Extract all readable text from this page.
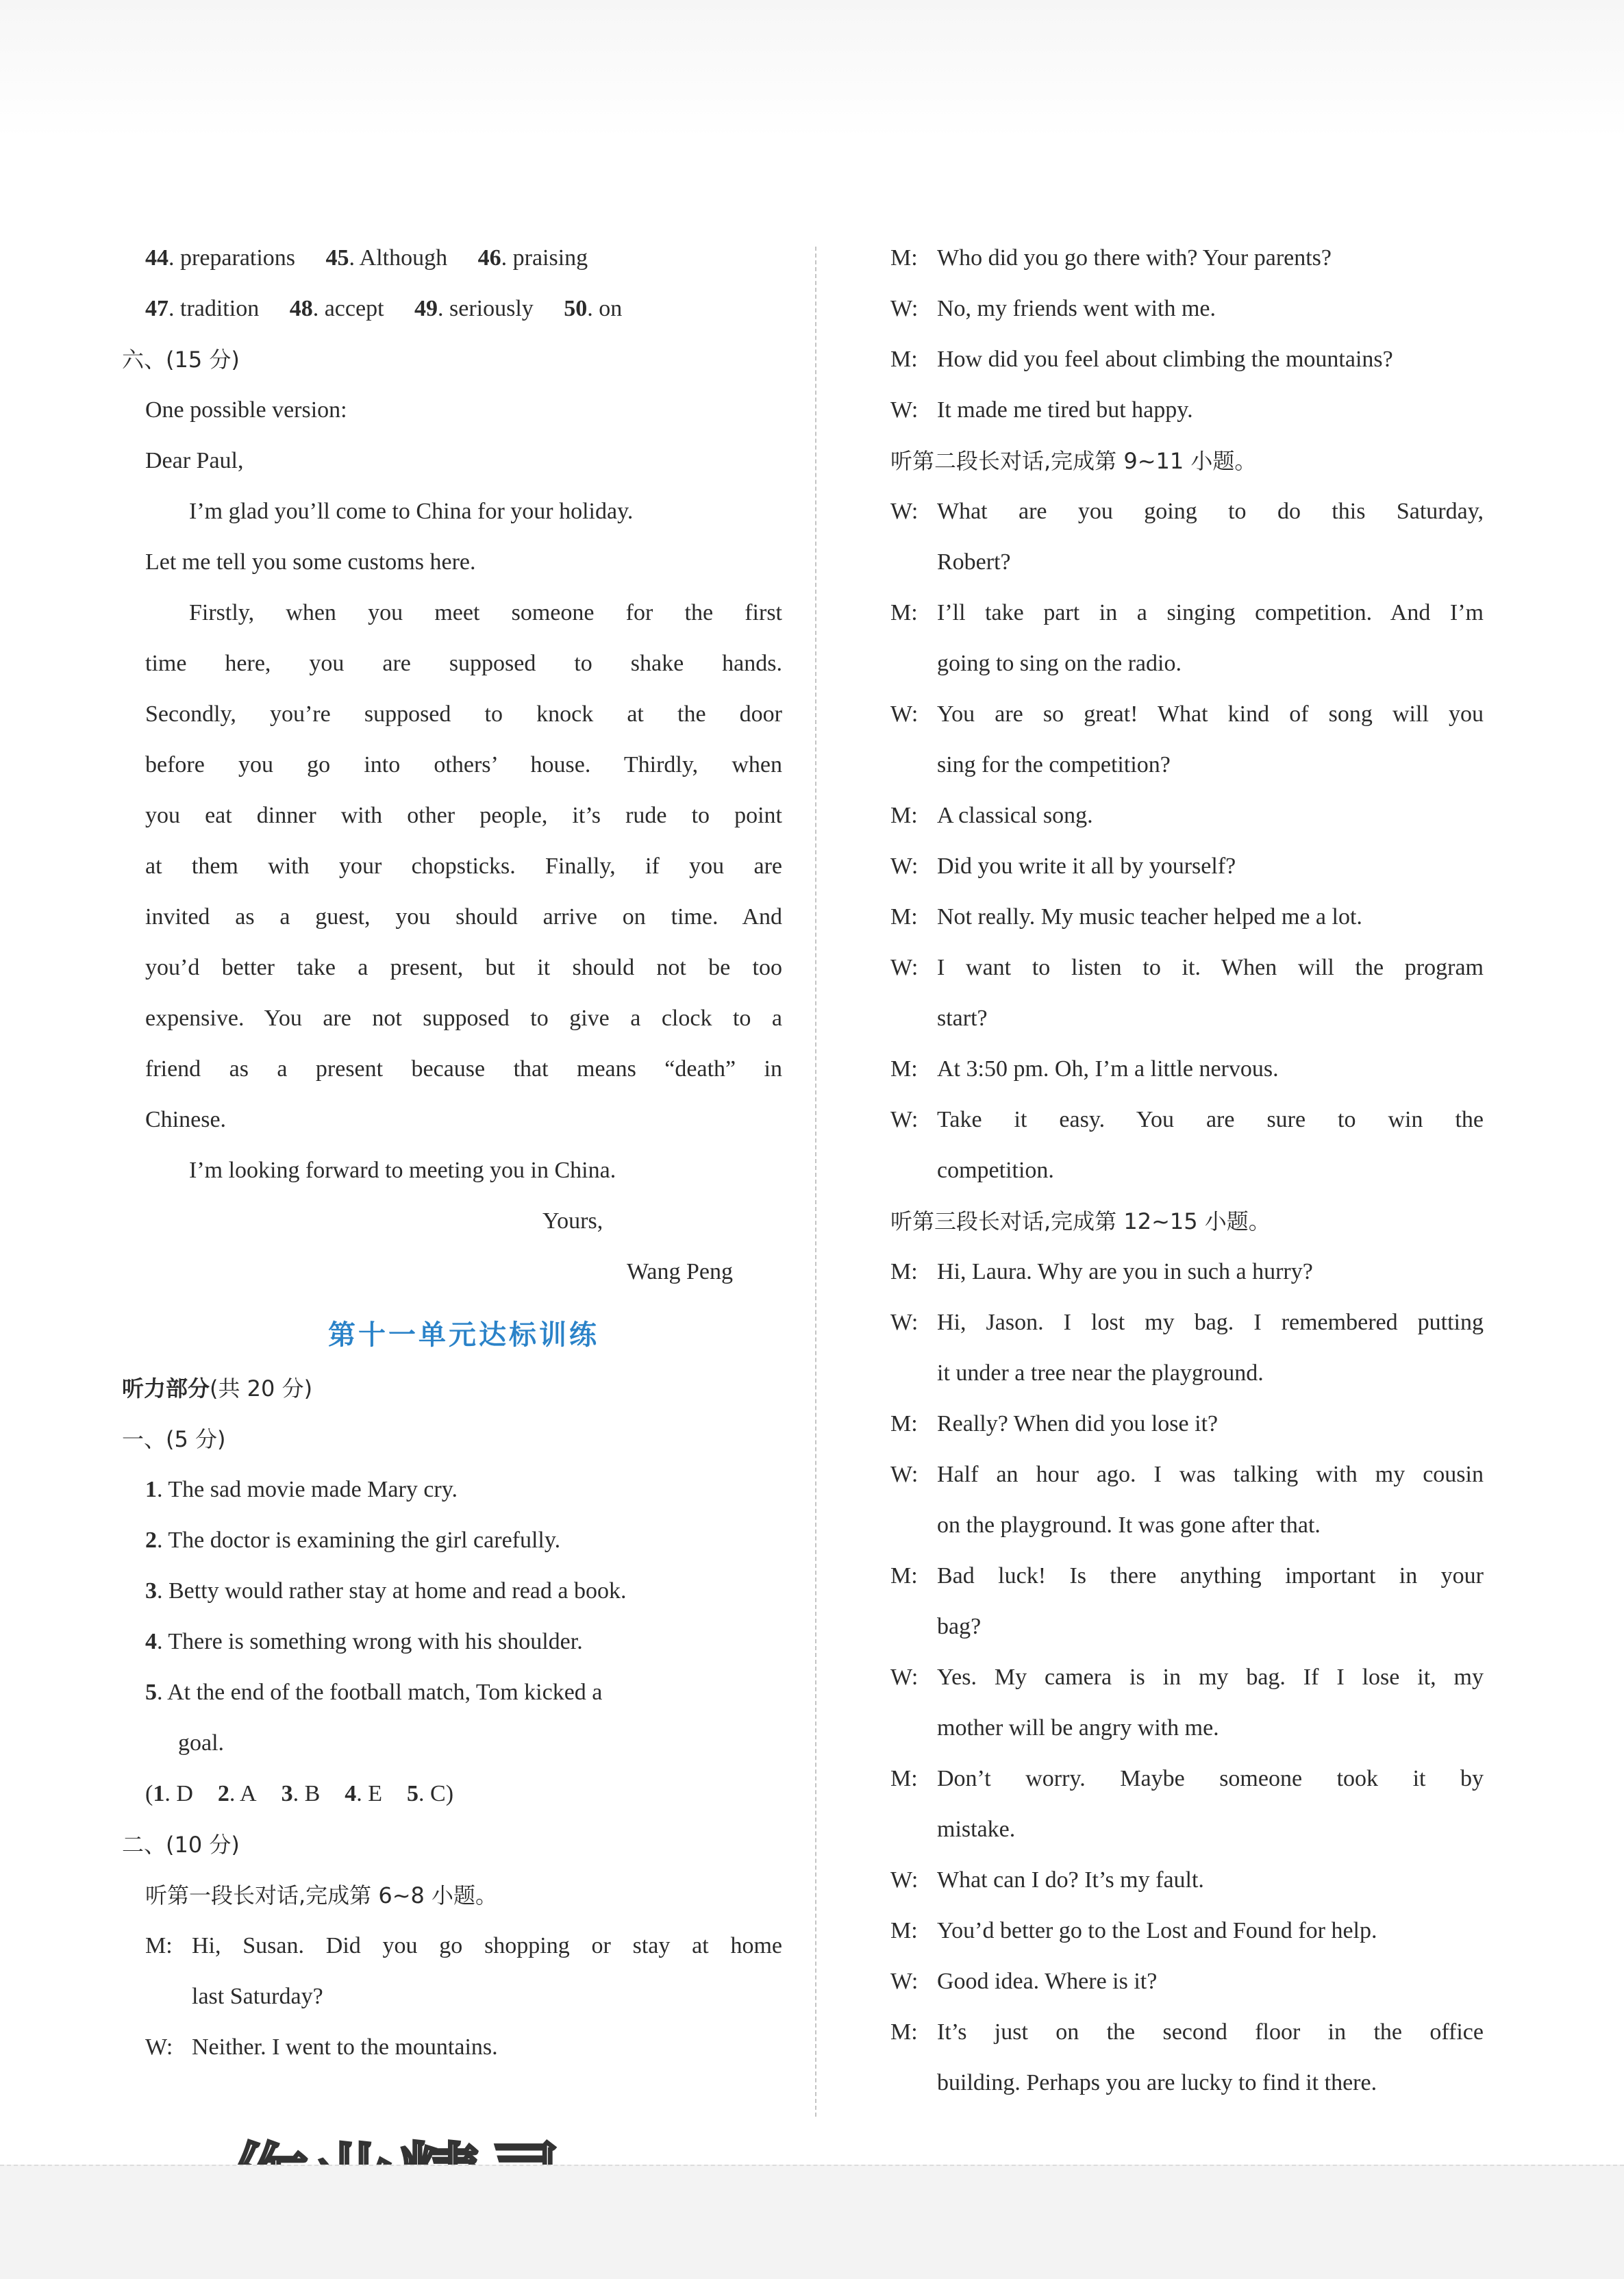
44. preparations 45. Although 46. praising
47. tradition 48. accept 49. seriously 50. on
六、(15 分)
One possible version:
Dear Paul,
I’m glad you’ll come to China for your holiday.
Let me tell you some customs here.
Firstly, when you meet someone for the first
time here, you are supposed to shake hands.
Secondly, you’re supposed to knock at the door
before you go into others’ house. Thirdly, when
you eat dinner with other people, it’s rude to point
at them with your chopsticks. Finally, if you are
invited as a guest, you should arrive on time. And
you’d better take a present, but it should not be too
expensive. You are not supposed to give a clock to a
friend as a present because that means “death” in
Chinese.
I’m looking forward to meeting you in China.
Yours,
Wang Peng
第十一单元达标训练
听力部分(共 20 分)
一、(5 分)
1. The sad movie made Mary cry.
2. The doctor is examining the girl carefully.
3. Betty would rather stay at home and read a book.
4. There is something wrong with his shoulder.
5. At the end of the football match, Tom kicked a
goal.
(1. D 2. A 3. B 4. E 5. C)
二、(10 分)
听第一段长对话,完成第 6~8 小题。
M: Hi, Susan. Did you go shopping or stay at home
last Saturday?
W: Neither. I went to the mountains.
M: Who did you go there with? Your parents?
W: No, my friends went with me.
M: How did you feel about climbing the mountains?
W: It made me tired but happy.
听第二段长对话,完成第 9~11 小题。
W: What are you going to do this Saturday,
Robert?
M: I’ll take part in a singing competition. And I’m
going to sing on the radio.
W: You are so great! What kind of song will you
sing for the competition?
M: A classical song.
W: Did you write it all by yourself?
M: Not really. My music teacher helped me a lot.
W: I want to listen to it. When will the program
start?
M: At 3:50 pm. Oh, I’m a little nervous.
W: Take it easy. You are sure to win the
competition.
听第三段长对话,完成第 12~15 小题。
M: Hi, Laura. Why are you in such a hurry?
W: Hi, Jason. I lost my bag. I remembered putting
it under a tree near the playground.
M: Really? When did you lose it?
W: Half an hour ago. I was talking with my cousin
on the playground. It was gone after that.
M: Bad luck! Is there anything important in your
bag?
W: Yes. My camera is in my bag. If I lose it, my
mother will be angry with me.
M: Don’t worry. Maybe someone took it by
mistake.
W: What can I do? It’s my fault.
M: You’d better go to the Lost and Found for help.
W: Good idea. Where is it?
M: It’s just on the second floor in the office
building. Perhaps you are lucky to find it there.
